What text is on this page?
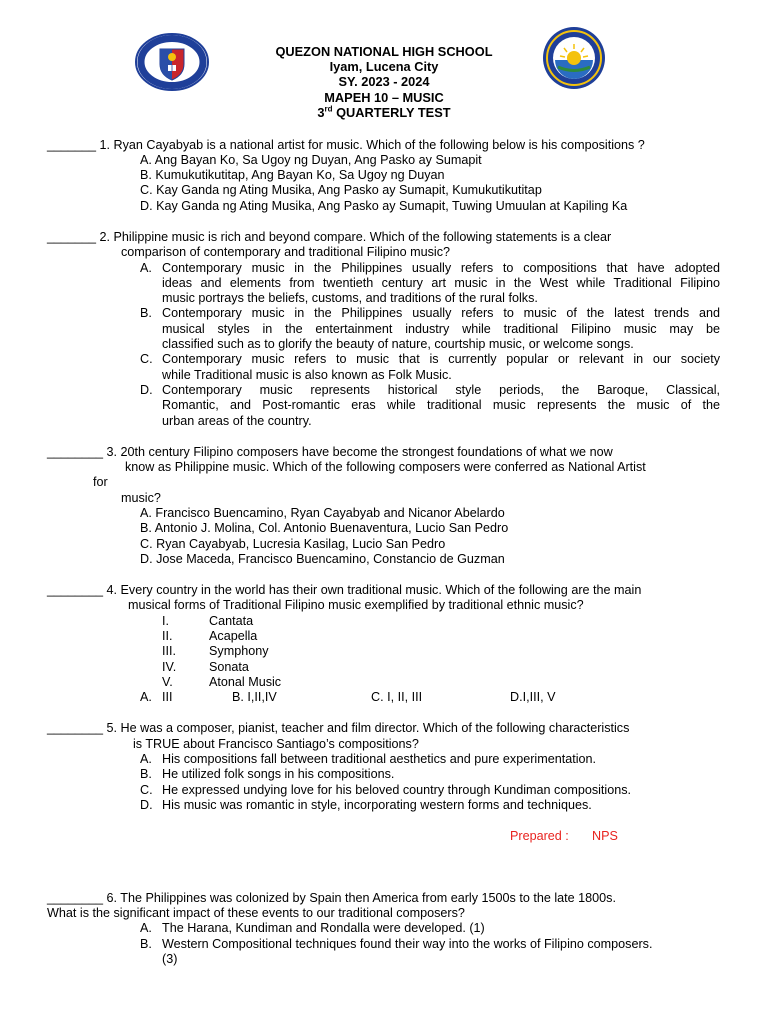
QUEZON NATIONAL HIGH SCHOOL
Iyam, Lucena City
SY. 2023 - 2024
MAPEH 10 – MUSIC
3rd QUARTERLY TEST
_______ 1. Ryan Cayabyab is a national artist for music. Which of the following below is his compositions ?
A. Ang Bayan Ko, Sa Ugoy ng Duyan, Ang Pasko ay Sumapit
B. Kumukutikutitap, Ang Bayan Ko, Sa Ugoy ng Duyan
C. Kay Ganda ng Ating Musika, Ang Pasko ay Sumapit, Kumukutikutitap
D. Kay Ganda ng Ating Musika, Ang Pasko ay Sumapit, Tuwing Umuulan at Kapiling Ka
_______ 2. Philippine music is rich and beyond compare. Which of the following statements is a clear
comparison of contemporary and traditional Filipino music?
A. Contemporary music in the Philippines usually refers to compositions that have adopted
ideas and elements from twentieth century art music in the West while Traditional Filipino
music portrays the beliefs, customs, and traditions of the rural folks.
B. Contemporary music in the Philippines usually refers to music of the latest trends and
musical styles in the entertainment industry while traditional Filipino music may be
classified such as to glorify the beauty of nature, courtship music, or welcome songs.
C. Contemporary music refers to music that is currently popular or relevant in our society
while Traditional music is also known as Folk Music.
D. Contemporary music represents historical style periods, the Baroque, Classical,
Romantic, and Post-romantic eras while traditional music represents the music of the
urban areas of the country.
________ 3. 20th century Filipino composers have become the strongest foundations of what we now
know as Philippine music. Which of the following composers were conferred as National Artist
for
music?
A. Francisco Buencamino, Ryan Cayabyab and Nicanor Abelardo
B. Antonio J. Molina, Col. Antonio Buenaventura, Lucio San Pedro
C. Ryan Cayabyab, Lucresia Kasilag, Lucio San Pedro
D. Jose Maceda, Francisco Buencamino, Constancio de Guzman
________ 4. Every country in the world has their own traditional music. Which of the following are the main
musical forms of Traditional Filipino music exemplified by traditional ethnic music?
I.	Cantata
II.	Acapella
III.	Symphony
IV.	Sonata
V.	Atonal Music
A. III	B. I,II,IV	C. I, II, III	D.I,III, V
________ 5. He was a composer, pianist, teacher and film director. Which of the following characteristics
is TRUE about Francisco Santiago’s compositions?
A. His compositions fall between traditional aesthetics and pure experimentation.
B. He utilized folk songs in his compositions.
C. He expressed undying love for his beloved country through Kundiman compositions.
D. His music was romantic in style, incorporating western forms and techniques.
Prepared : NPS
________ 6. The Philippines was colonized by Spain then America from early 1500s to the late 1800s.
What is the significant impact of these events to our traditional composers?
A. The Harana, Kundiman and Rondalla were developed. (1)
B. Western Compositional techniques found their way into the works of Filipino composers.
(3)
